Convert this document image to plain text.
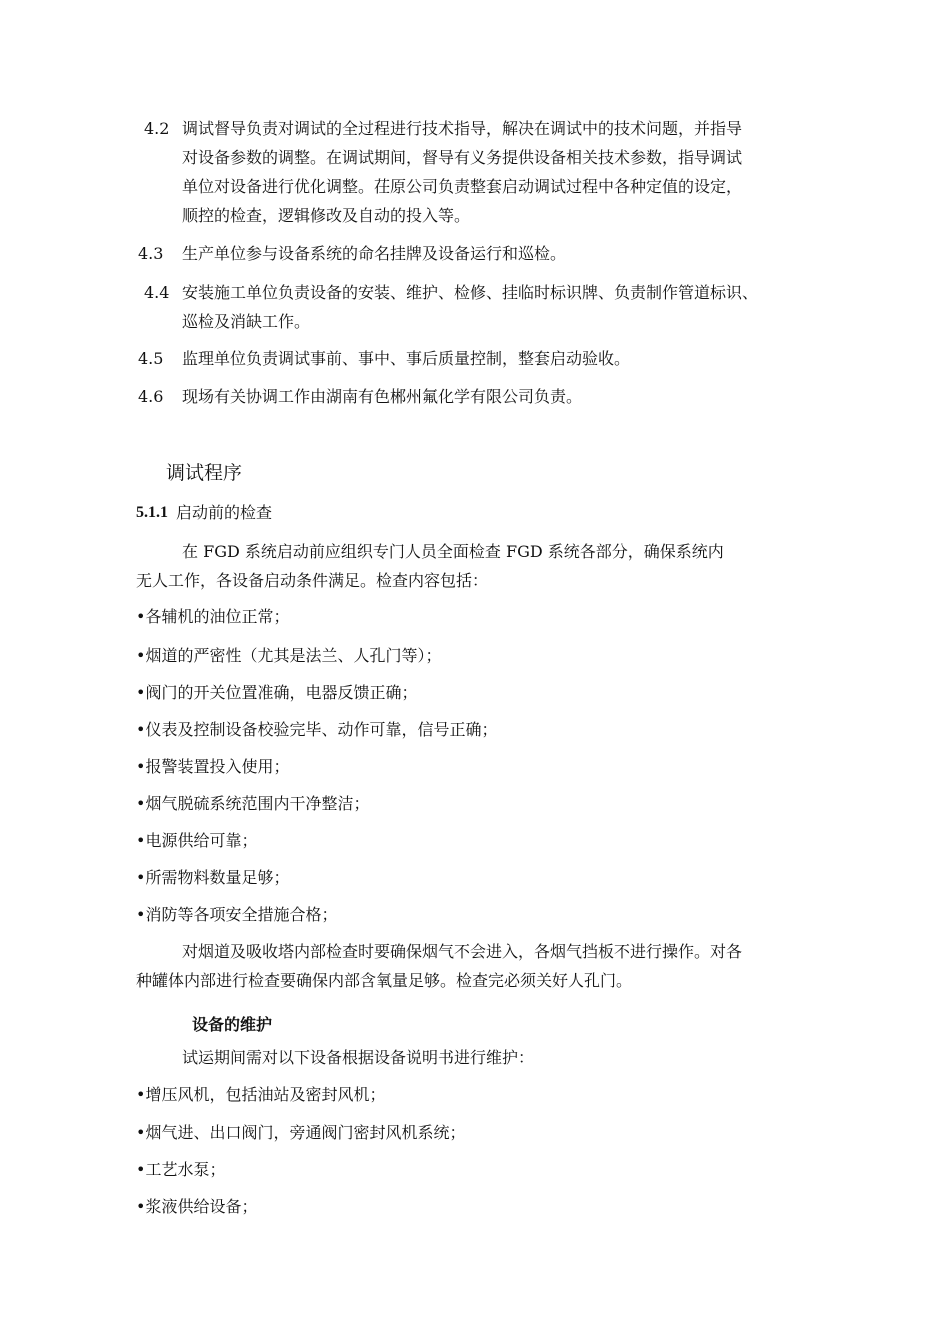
4.2 调试督导负责对调试的全过程进行技术指导，解决在调试中的技术问题，并指导
对设备参数的调整。在调试期间，督导有义务提供设备相关技术参数，指导调试
单位对设备进行优化调整。茌原公司负责整套启动调试过程中各种定值的设定，
顺控的检查，逻辑修改及自动的投入等。
4.3 生产单位参与设备系统的命名挂牌及设备运行和巡检。
4.4 安装施工单位负责设备的安装、维护、检修、挂临时标识牌、负责制作管道标识、
巡检及消缺工作。
4.5 监理单位负责调试事前、事中、事后质量控制，整套启动验收。
4.6 现场有关协调工作由湖南有色郴州氟化学有限公司负责。
调试程序
5.1.1 启动前的检查
在 FGD 系统启动前应组织专门人员全面检查 FGD 系统各部分，确保系统内
无人工作，各设备启动条件满足。检查内容包括：
•各辅机的油位正常；
•烟道的严密性（尤其是法兰、人孔门等）；
•阀门的开关位置准确，电器反馈正确；
•仪表及控制设备校验完毕、动作可靠，信号正确；
•报警装置投入使用；
•烟气脱硫系统范围内干净整洁；
•电源供给可靠；
•所需物料数量足够；
•消防等各项安全措施合格；
对烟道及吸收塔内部检查时要确保烟气不会进入，各烟气挡板不进行操作。对各
种罐体内部进行检查要确保内部含氧量足够。检查完必须关好人孔门。
设备的维护
试运期间需对以下设备根据设备说明书进行维护：
•增压风机，包括油站及密封风机；
•烟气进、出口阀门，旁通阀门密封风机系统；
•工艺水泵；
•浆液供给设备；
